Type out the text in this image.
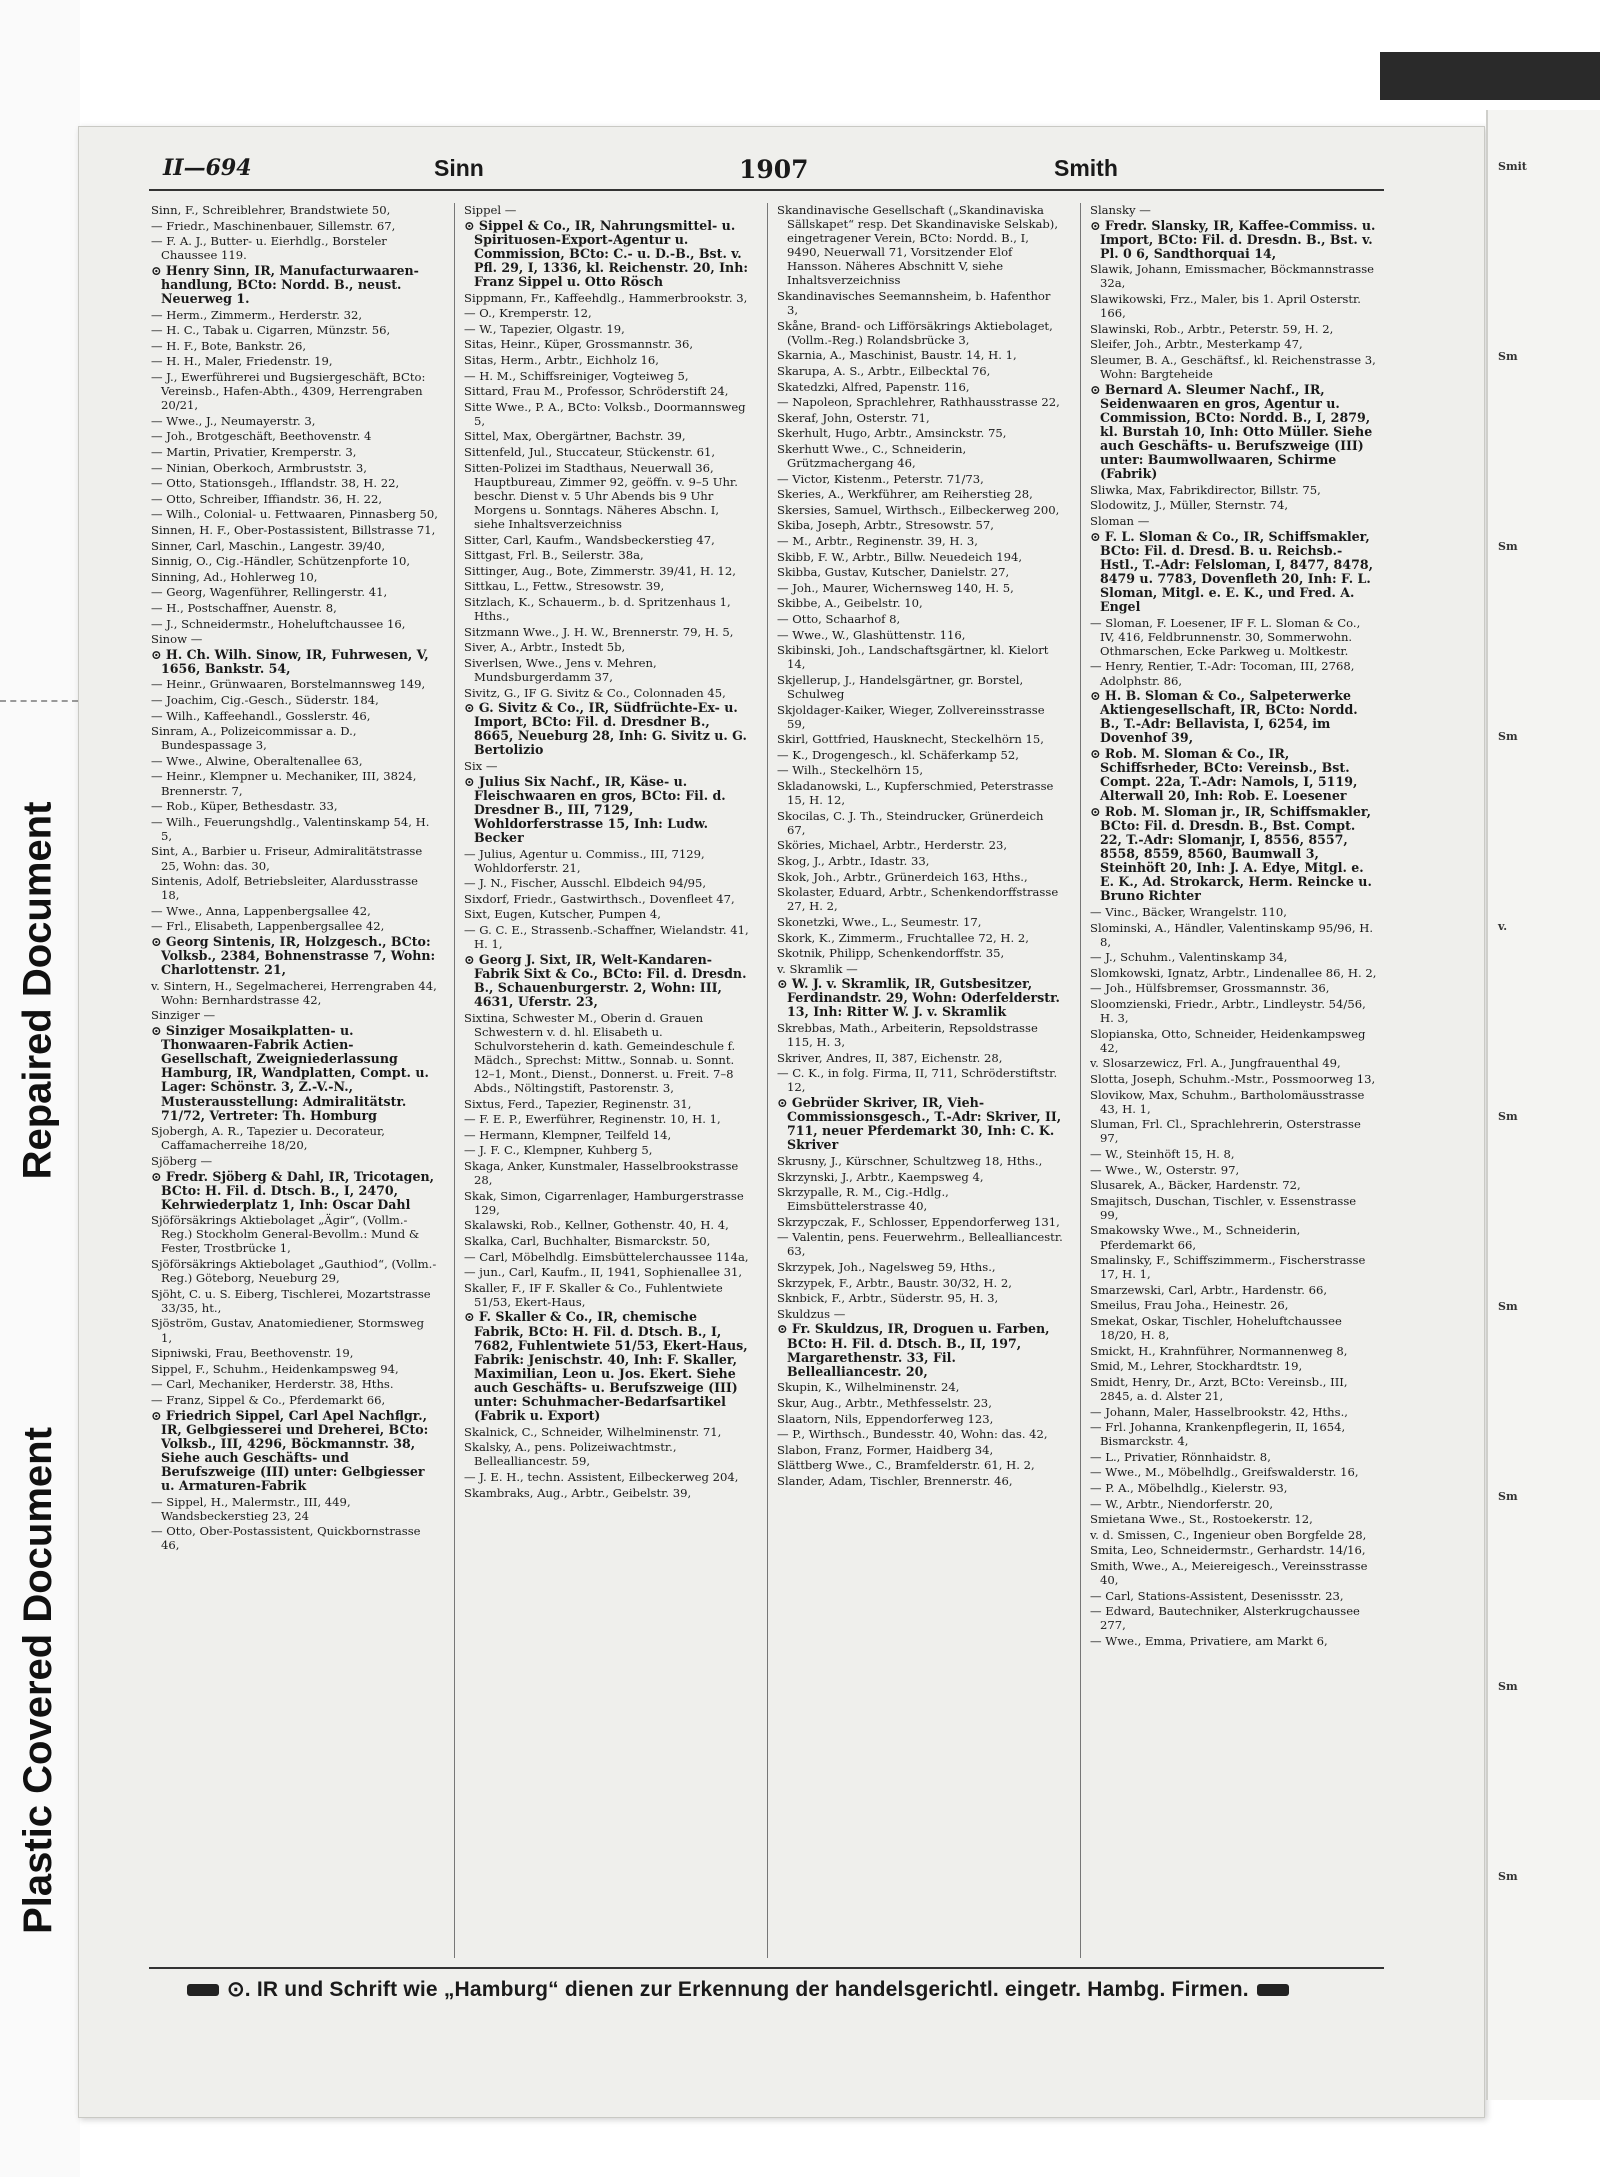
Repaired Document
Plastic Covered Document
II—694	Sinn	1907	Smith

Sinn, F., Schreiblehrer, Brandstwiete 50,

— Friedr., Maschinenbauer, Sillemstr. 67,

— F. A. J., Butter- u. Eierhdlg., Borsteler Chaussee 119.

⊙ Henry Sinn, IR, Manufacturwaaren-handlung, BCto: Nordd. B., neust. Neuerweg 1.

— Herm., Zimmerm., Herderstr. 32,

— H. C., Tabak u. Cigarren, Münzstr. 56,

— H. F., Bote, Bankstr. 26,

— H. H., Maler, Friedenstr. 19,

— J., Ewerführerei und Bugsiergeschäft, BCto: Vereinsb., Hafen-Abth., 4309, Herrengraben 20/21,

— Wwe., J., Neumayerstr. 3,

— Joh., Brotgeschäft, Beethovenstr. 4

— Martin, Privatier, Kremperstr. 3,

— Ninian, Oberkoch, Armbruststr. 3,

— Otto, Stationsgeh., Ifflandstr. 38, H. 22,

— Otto, Schreiber, Iffiandstr. 36, H. 22,

— Wilh., Colonial- u. Fettwaaren, Pinnasberg 50,

Sinnen, H. F., Ober-Postassistent, Billstrasse 71,

Sinner, Carl, Maschin., Langestr. 39/40,

Sinnig, O., Cig.-Händler, Schützenpforte 10,

Sinning, Ad., Hohlerweg 10,

— Georg, Wagenführer, Rellingerstr. 41,

— H., Postschaffner, Auenstr. 8,

— J., Schneidermstr., Hoheluftchaussee 16,

Sinow —

⊙ H. Ch. Wilh. Sinow, IR, Fuhrwesen, V, 1656, Bankstr. 54,

— Heinr., Grünwaaren, Borstelmannsweg 149,

— Joachim, Cig.-Gesch., Süderstr. 184,

— Wilh., Kaffeehandl., Gosslerstr. 46,

Sinram, A., Polizeicommissar a. D., Bundespassage 3,

— Wwe., Alwine, Oberaltenallee 63,

— Heinr., Klempner u. Mechaniker, III, 3824, Brennerstr. 7,

— Rob., Küper, Bethesdastr. 33,

— Wilh., Feuerungshdlg., Valentinskamp 54, H. 5,

Sint, A., Barbier u. Friseur, Admiralitätstrasse 25, Wohn: das. 30,

Sintenis, Adolf, Betriebsleiter, Alardusstrasse 18,

— Wwe., Anna, Lappenbergsallee 42,

— Frl., Elisabeth, Lappenbergsallee 42,

⊙ Georg Sintenis, IR, Holzgesch., BCto: Volksb., 2384, Bohnenstrasse 7, Wohn: Charlottenstr. 21,

v. Sintern, H., Segelmacherei, Herrengraben 44, Wohn: Bernhardstrasse 42,

Sinziger —

⊙ Sinziger Mosaikplatten- u. Thonwaaren-Fabrik Actien-Gesellschaft, Zweigniederlassung Hamburg, IR, Wandplatten, Compt. u. Lager: Schönstr. 3, Z.-V.-N., Musterausstellung: Admiralitätstr. 71/72, Vertreter: Th. Homburg

Sjobergh, A. R., Tapezier u. Decorateur, Caffamacherreihe 18/20,

Sjöberg —

⊙ Fredr. Sjöberg & Dahl, IR, Tricotagen, BCto: H. Fil. d. Dtsch. B., I, 2470, Kehrwiederplatz 1, Inh: Oscar Dahl

Sjöförsäkrings Aktiebolaget „Ägir“, (Vollm.-Reg.) Stockholm General-Bevollm.: Mund & Fester, Trostbrücke 1,

Sjöförsäkrings Aktiebolaget „Gauthiod“, (Vollm.-Reg.) Göteborg, Neueburg 29,

Sjöht, C. u. S. Eiberg, Tischlerei, Mozartstrasse 33/35, ht.,

Sjöström, Gustav, Anatomiediener, Stormsweg 1,

Sipniwski, Frau, Beethovenstr. 19,

Sippel, F., Schuhm., Heidenkampsweg 94,

— Carl, Mechaniker, Herderstr. 38, Hths.

— Franz, Sippel & Co., Pferdemarkt 66,

⊙ Friedrich Sippel, Carl Apel Nachflgr., IR, Gelbgiesserei und Dreherei, BCto: Volksb., III, 4296, Böckmannstr. 38, Siehe auch Geschäfts- und Berufszweige (III) unter: Gelbgiesser u. Armaturen-Fabrik

— Sippel, H., Malermstr., III, 449, Wandsbeckerstieg 23, 24

— Otto, Ober-Postassistent, Quickbornstrasse 46,

Sippel —

⊙ Sippel & Co., IR, Nahrungsmittel- u. Spirituosen-Export-Agentur u. Commission, BCto: C.- u. D.-B., Bst. v. Pfl. 29, I, 1336, kl. Reichenstr. 20, Inh: Franz Sippel u. Otto Rösch

Sippmann, Fr., Kaffeehdlg., Hammerbrookstr. 3,

— O., Kremperstr. 12,

— W., Tapezier, Olgastr. 19,

Sitas, Heinr., Küper, Grossmannstr. 36,

Sitas, Herm., Arbtr., Eichholz 16,

— H. M., Schiffsreiniger, Vogteiweg 5,

Sittard, Frau M., Professor, Schröderstift 24,

Sitte Wwe., P. A., BCto: Volksb., Doormannsweg 5,

Sittel, Max, Obergärtner, Bachstr. 39,

Sittenfeld, Jul., Stuccateur, Stückenstr. 61,

Sitten-Polizei im Stadthaus, Neuerwall 36, Hauptbureau, Zimmer 92, geöffn. v. 9–5 Uhr. beschr. Dienst v. 5 Uhr Abends bis 9 Uhr Morgens u. Sonntags. Näheres Abschn. I, siehe Inhaltsverzeichniss

Sitter, Carl, Kaufm., Wandsbeckerstieg 47,

Sittgast, Frl. B., Seilerstr. 38a,

Sittinger, Aug., Bote, Zimmerstr. 39/41, H. 12,

Sittkau, L., Fettw., Stresowstr. 39,

Sitzlach, K., Schauerm., b. d. Spritzenhaus 1, Hths.,

Sitzmann Wwe., J. H. W., Brennerstr. 79, H. 5,

Siver, A., Arbtr., Instedt 5b,

Siverlsen, Wwe., Jens v. Mehren, Mundsburgerdamm 37,

Sivitz, G., IF G. Sivitz & Co., Colonnaden 45,

⊙ G. Sivitz & Co., IR, Südfrüchte-Ex- u. Import, BCto: Fil. d. Dresdner B., 8665, Neueburg 28, Inh: G. Sivitz u. G. Bertolizio

Six —

⊙ Julius Six Nachf., IR, Käse- u. Fleischwaaren en gros, BCto: Fil. d. Dresdner B., III, 7129, Wohldorferstrasse 15, Inh: Ludw. Becker

— Julius, Agentur u. Commiss., III, 7129, Wohldorferstr. 21,

— J. N., Fischer, Ausschl. Elbdeich 94/95,

Sixdorf, Friedr., Gastwirthsch., Dovenfleet 47,

Sixt, Eugen, Kutscher, Pumpen 4,

— G. C. E., Strassenb.-Schaffner, Wielandstr. 41, H. 1,

⊙ Georg J. Sixt, IR, Welt-Kandaren-Fabrik Sixt & Co., BCto: Fil. d. Dresdn. B., Schauenburgerstr. 2, Wohn: III, 4631, Uferstr. 23,

Sixtina, Schwester M., Oberin d. Grauen Schwestern v. d. hl. Elisabeth u. Schulvorsteherin d. kath. Gemeindeschule f. Mädch., Sprechst: Mittw., Sonnab. u. Sonnt. 12–1, Mont., Dienst., Donnerst. u. Freit. 7–8 Abds., Nöltingstift, Pastorenstr. 3,

Sixtus, Ferd., Tapezier, Reginenstr. 31,

— F. E. P., Ewerführer, Reginenstr. 10, H. 1,

— Hermann, Klempner, Teilfeld 14,

— J. F. C., Klempner, Kuhberg 5,

Skaga, Anker, Kunstmaler, Hasselbrookstrasse 28,

Skak, Simon, Cigarrenlager, Hamburgerstrasse 129,

Skalawski, Rob., Kellner, Gothenstr. 40, H. 4,

Skalka, Carl, Buchhalter, Bismarckstr. 50,

— Carl, Möbelhdlg. Eimsbüttelerchaussee 114a,

— jun., Carl, Kaufm., II, 1941, Sophienallee 31,

Skaller, F., IF F. Skaller & Co., Fuhlentwiete 51/53, Ekert-Haus,

⊙ F. Skaller & Co., IR, chemische Fabrik, BCto: H. Fil. d. Dtsch. B., I, 7682, Fuhlentwiete 51/53, Ekert-Haus, Fabrik: Jenischstr. 40, Inh: F. Skaller, Maximilian, Leon u. Jos. Ekert. Siehe auch Geschäfts- u. Berufszweige (III) unter: Schuhmacher-Bedarfsartikel (Fabrik u. Export)

Skalnick, C., Schneider, Wilhelminenstr. 71,

Skalsky, A., pens. Polizeiwachtmstr., Bellealliancestr. 59,

— J. E. H., techn. Assistent, Eilbeckerweg 204,

Skambraks, Aug., Arbtr., Geibelstr. 39,

Skandinavische Gesellschaft („Skandinaviska Sällskapet“ resp. Det Skandinaviske Selskab), eingetragener Verein, BCto: Nordd. B., I, 9490, Neuerwall 71, Vorsitzender Elof Hansson. Näheres Abschnitt V, siehe Inhaltsverzeichniss

Skandinavisches Seemannsheim, b. Hafenthor 3,

Skåne, Brand- och Lifförsäkrings Aktiebolaget, (Vollm.-Reg.) Rolandsbrücke 3,

Skarnia, A., Maschinist, Baustr. 14, H. 1,

Skarupa, A. S., Arbtr., Eilbecktal 76,

Skatedzki, Alfred, Papenstr. 116,

— Napoleon, Sprachlehrer, Rathhausstrasse 22,

Skeraf, John, Osterstr. 71,

Skerhult, Hugo, Arbtr., Amsinckstr. 75,

Skerhutt Wwe., C., Schneiderin, Grützmachergang 46,

— Victor, Kistenm., Peterstr. 71/73,

Skeries, A., Werkführer, am Reiherstieg 28,

Skersies, Samuel, Wirthsch., Eilbeckerweg 200,

Skiba, Joseph, Arbtr., Stresowstr. 57,

— M., Arbtr., Reginenstr. 39, H. 3,

Skibb, F. W., Arbtr., Billw. Neuedeich 194,

Skibba, Gustav, Kutscher, Danielstr. 27,

— Joh., Maurer, Wichernsweg 140, H. 5,

Skibbe, A., Geibelstr. 10,

— Otto, Schaarhof 8,

— Wwe., W., Glashüttenstr. 116,

Skibinski, Joh., Landschaftsgärtner, kl. Kielort 14,

Skjellerup, J., Handelsgärtner, gr. Borstel, Schulweg

Skjoldager-Kaiker, Wieger, Zollvereinsstrasse 59,

Skirl, Gottfried, Hausknecht, Steckelhörn 15,

— K., Drogengesch., kl. Schäferkamp 52,

— Wilh., Steckelhörn 15,

Skladanowski, L., Kupferschmied, Peterstrasse 15, H. 12,

Skocilas, C. J. Th., Steindrucker, Grünerdeich 67,

Sköries, Michael, Arbtr., Herderstr. 23,

Skog, J., Arbtr., Idastr. 33,

Skok, Joh., Arbtr., Grünerdeich 163, Hths.,

Skolaster, Eduard, Arbtr., Schenkendorffstrasse 27, H. 2,

Skonetzki, Wwe., L., Seumestr. 17,

Skork, K., Zimmerm., Fruchtallee 72, H. 2,

Skotnik, Philipp, Schenkendorffstr. 35,

v. Skramlik —

⊙ W. J. v. Skramlik, IR, Gutsbesitzer, Ferdinandstr. 29, Wohn: Oderfelderstr. 13, Inh: Ritter W. J. v. Skramlik

Skrebbas, Math., Arbeiterin, Repsoldstrasse 115, H. 3,

Skriver, Andres, II, 387, Eichenstr. 28,

— C. K., in folg. Firma, II, 711, Schröderstiftstr. 12,

⊙ Gebrüder Skriver, IR, Vieh-Commissionsgesch., T.-Adr: Skriver, II, 711, neuer Pferdemarkt 30, Inh: C. K. Skriver

Skrusny, J., Kürschner, Schultzweg 18, Hths.,

Skrzynski, J., Arbtr., Kaempsweg 4,

Skrzypalle, R. M., Cig.-Hdlg., Eimsbüttelerstrasse 40,

Skrzypczak, F., Schlosser, Eppendorferweg 131,

— Valentin, pens. Feuerwehrm., Bellealliancestr. 63,

Skrzypek, Joh., Nagelsweg 59, Hths.,

Skrzypek, F., Arbtr., Baustr. 30/32, H. 2,

Sknbick, F., Arbtr., Süderstr. 95, H. 3,

Skuldzus —

⊙ Fr. Skuldzus, IR, Droguen u. Farben, BCto: H. Fil. d. Dtsch. B., II, 197, Margarethenstr. 33, Fil. Bellealliancestr. 20,

Skupin, K., Wilhelminenstr. 24,

Skur, Aug., Arbtr., Methfesselstr. 23,

Slaatorn, Nils, Eppendorferweg 123,

— P., Wirthsch., Bundesstr. 40, Wohn: das. 42,

Slabon, Franz, Former, Haidberg 34,

Slättberg Wwe., C., Bramfelderstr. 61, H. 2,

Slander, Adam, Tischler, Brennerstr. 46,

Slansky —

⊙ Fredr. Slansky, IR, Kaffee-Commiss. u. Import, BCto: Fil. d. Dresdn. B., Bst. v. Pl. 0 6, Sandthorquai 14,

Slawik, Johann, Emissmacher, Böckmannstrasse 32a,

Slawikowski, Frz., Maler, bis 1. April Osterstr. 166,

Slawinski, Rob., Arbtr., Peterstr. 59, H. 2,

Sleifer, Joh., Arbtr., Mesterkamp 47,

Sleumer, B. A., Geschäftsf., kl. Reichenstrasse 3, Wohn: Bargteheide

⊙ Bernard A. Sleumer Nachf., IR, Seidenwaaren en gros, Agentur u. Commission, BCto: Nordd. B., I, 2879, kl. Burstah 10, Inh: Otto Müller. Siehe auch Geschäfts- u. Berufszweige (III) unter: Baumwollwaaren, Schirme (Fabrik)

Sliwka, Max, Fabrikdirector, Billstr. 75,

Slodowitz, J., Müller, Sternstr. 74,

Sloman —

⊙ F. L. Sloman & Co., IR, Schiffsmakler, BCto: Fil. d. Dresd. B. u. Reichsb.-Hstl., T.-Adr: Felsloman, I, 8477, 8478, 8479 u. 7783, Dovenfleth 20, Inh: F. L. Sloman, Mitgl. e. E. K., und Fred. A. Engel

— Sloman, F. Loesener, IF F. L. Sloman & Co., IV, 416, Feldbrunnenstr. 30, Sommerwohn. Othmarschen, Ecke Parkweg u. Moltkestr.

— Henry, Rentier, T.-Adr: Tocoman, III, 2768, Adolphstr. 86,

⊙ H. B. Sloman & Co., Salpeterwerke Aktiengesellschaft, IR, BCto: Nordd. B., T.-Adr: Bellavista, I, 6254, im Dovenhof 39,

⊙ Rob. M. Sloman & Co., IR, Schiffsrheder, BCto: Vereinsb., Bst. Compt. 22a, T.-Adr: Namols, I, 5119, Alterwall 20, Inh: Rob. E. Loesener

⊙ Rob. M. Sloman jr., IR, Schiffsmakler, BCto: Fil. d. Dresdn. B., Bst. Compt. 22, T.-Adr: Slomanjr, I, 8556, 8557, 8558, 8559, 8560, Baumwall 3, Steinhöft 20, Inh: J. A. Edye, Mitgl. e. E. K., Ad. Strokarck, Herm. Reincke u. Bruno Richter

— Vinc., Bäcker, Wrangelstr. 110,

Slominski, A., Händler, Valentinskamp 95/96, H. 8,

— J., Schuhm., Valentinskamp 34,

Slomkowski, Ignatz, Arbtr., Lindenallee 86, H. 2,

— Joh., Hülfsbremser, Grossmannstr. 36,

Sloomzienski, Friedr., Arbtr., Lindleystr. 54/56, H. 3,

Slopianska, Otto, Schneider, Heidenkampsweg 42,

v. Slosarzewicz, Frl. A., Jungfrauenthal 49,

Slotta, Joseph, Schuhm.-Mstr., Possmoorweg 13,

Slovikow, Max, Schuhm., Bartholomäusstrasse 43, H. 1,

Sluman, Frl. Cl., Sprachlehrerin, Osterstrasse 97,

— W., Steinhöft 15, H. 8,

— Wwe., W., Osterstr. 97,

Slusarek, A., Bäcker, Hardenstr. 72,

Smajitsch, Duschan, Tischler, v. Essenstrasse 99,

Smakowsky Wwe., M., Schneiderin, Pferdemarkt 66,

Smalinsky, F., Schiffszimmerm., Fischerstrasse 17, H. 1,

Smarzewski, Carl, Arbtr., Hardenstr. 66,

Smeilus, Frau Joha., Heinestr. 26,

Smekat, Oskar, Tischler, Hoheluftchaussee 18/20, H. 8,

Smickt, H., Krahnführer, Normannenweg 8,

Smid, M., Lehrer, Stockhardtstr. 19,

Smidt, Henry, Dr., Arzt, BCto: Vereinsb., III, 2845, a. d. Alster 21,

— Johann, Maler, Hasselbrookstr. 42, Hths.,

— Frl. Johanna, Krankenpflegerin, II, 1654, Bismarckstr. 4,

— L., Privatier, Rönnhaidstr. 8,

— Wwe., M., Möbelhdlg., Greifswalderstr. 16,

— P. A., Möbelhdlg., Kielerstr. 93,

— W., Arbtr., Niendorferstr. 20,

Smietana Wwe., St., Rostoekerstr. 12,

v. d. Smissen, C., Ingenieur oben Borgfelde 28,

Smita, Leo, Schneidermstr., Gerhardstr. 14/16,

Smith, Wwe., A., Meiereigesch., Vereinsstrasse 40,

— Carl, Stations-Assistent, Desenissstr. 23,

— Edward, Bautechniker, Alsterkrugchaussee 277,

— Wwe., Emma, Privatiere, am Markt 6,

⊙. IR und Schrift wie „Hamburg“ dienen zur Erkennung der handelsgerichtl. eingetr. Hambg. Firmen.
Smit
Sm
Sm
Sm
v.
Sm
Sm
Sm
Sm
Sm
